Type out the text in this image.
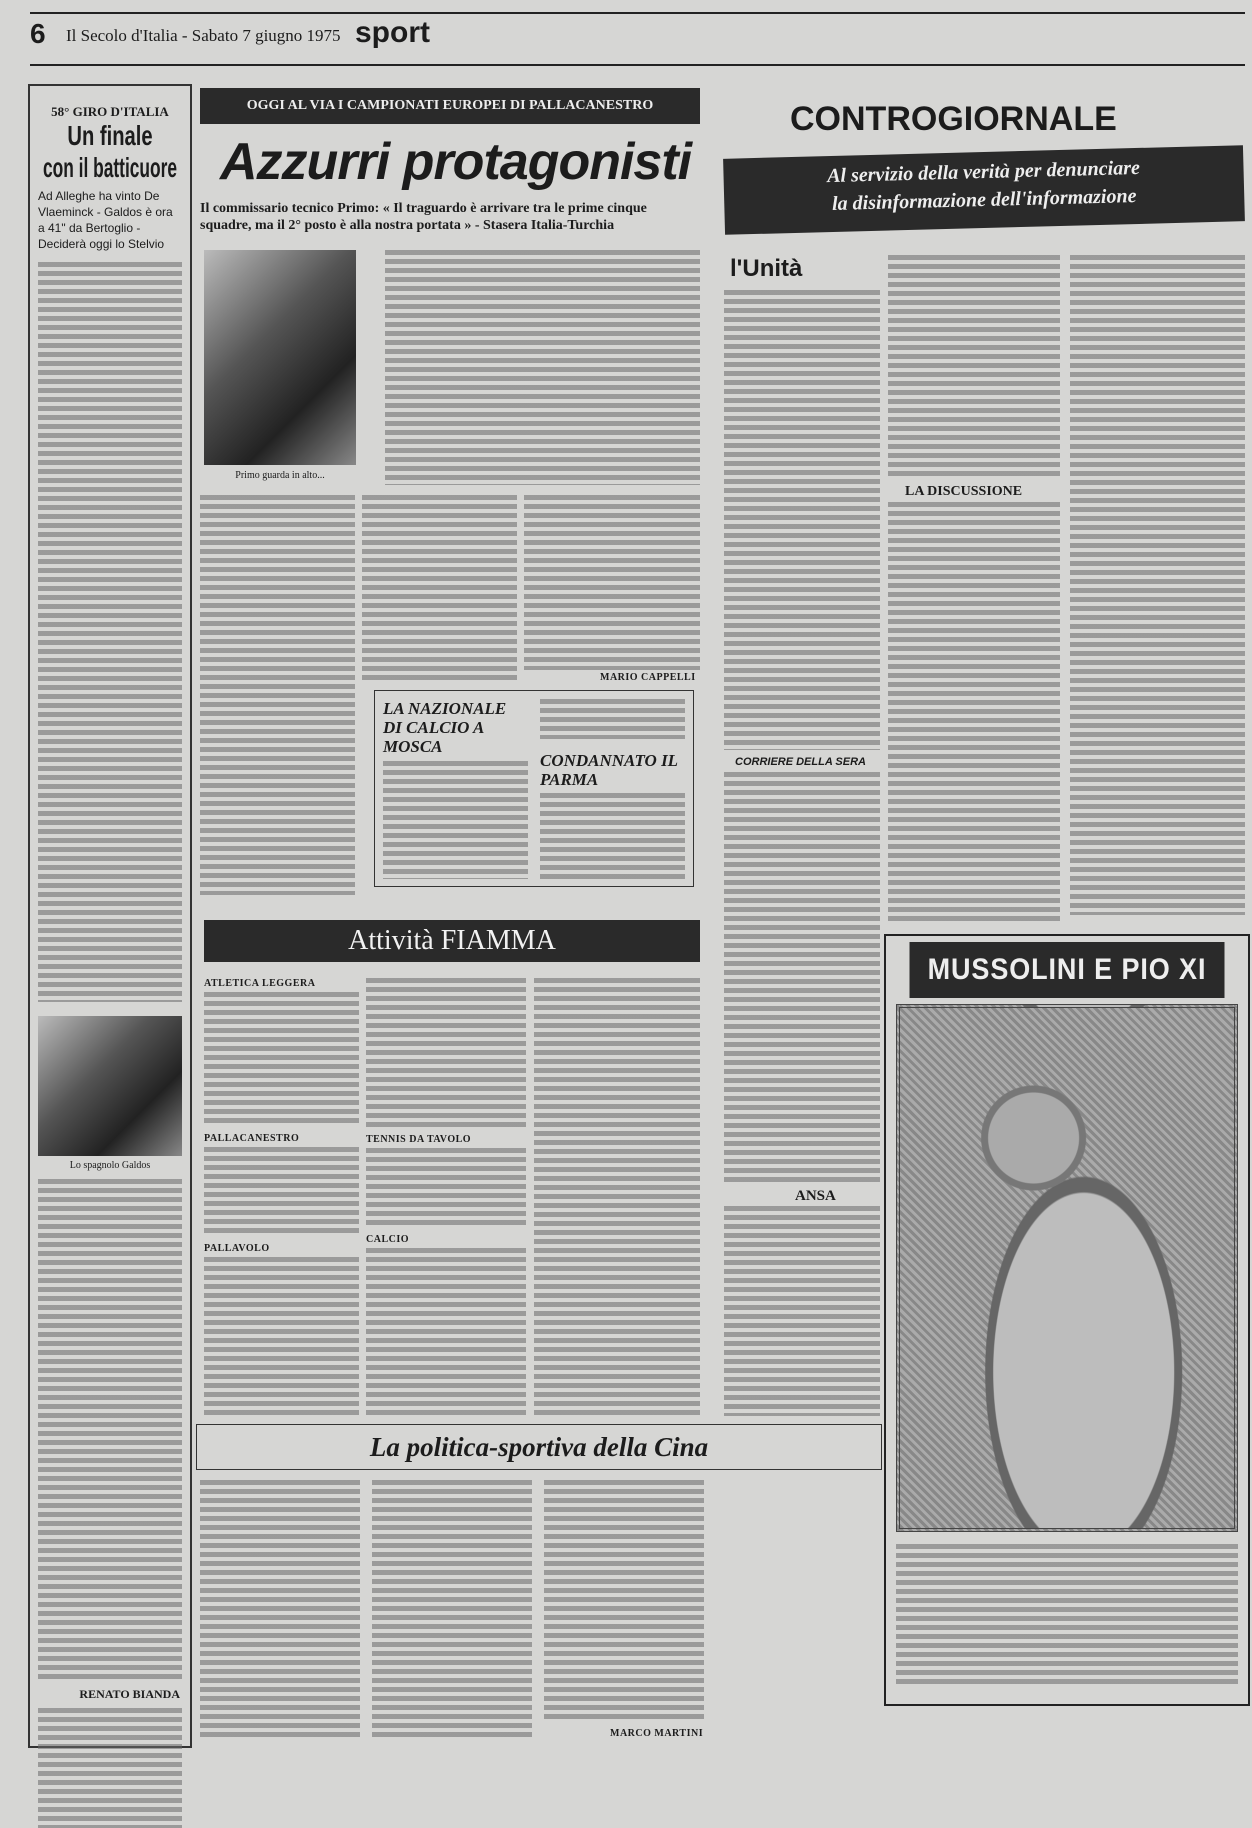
6 Il Secolo d'Italia - Sabato 7 giugno 1975 sport
58° GIRO D'ITALIA
Un finale
con il batticuore
Ad Alleghe ha vinto De Vlaeminck - Galdos è ora a 41" da Bertoglio - Deciderà oggi lo Stelvio
Lo spagnolo Galdos
RENATO BIANDA
OGGI AL VIA I CAMPIONATI EUROPEI DI PALLACANESTRO
Azzurri protagonisti
Il commissario tecnico Primo: « Il traguardo è arrivare tra le prime cinque squadre, ma il 2° posto è alla nostra portata » - Stasera Italia-Turchia
Primo guarda in alto...
MARIO CAPPELLI
LA NAZIONALE DI CALCIO A MOSCA
CONDANNATO IL PARMA
Attività FIAMMA
ATLETICA LEGGERA
PALLACANESTRO
PALLAVOLO
TENNIS DA TAVOLO
CALCIO
La politica-sportiva della Cina
MARCO MARTINI
CONTROGIORNALE
Al servizio della verità per denunciare
la disinformazione dell'informazione
l'Unità
CORRIERE DELLA SERA
ANSA
LA DISCUSSIONE
MUSSOLINI E PIO XI
